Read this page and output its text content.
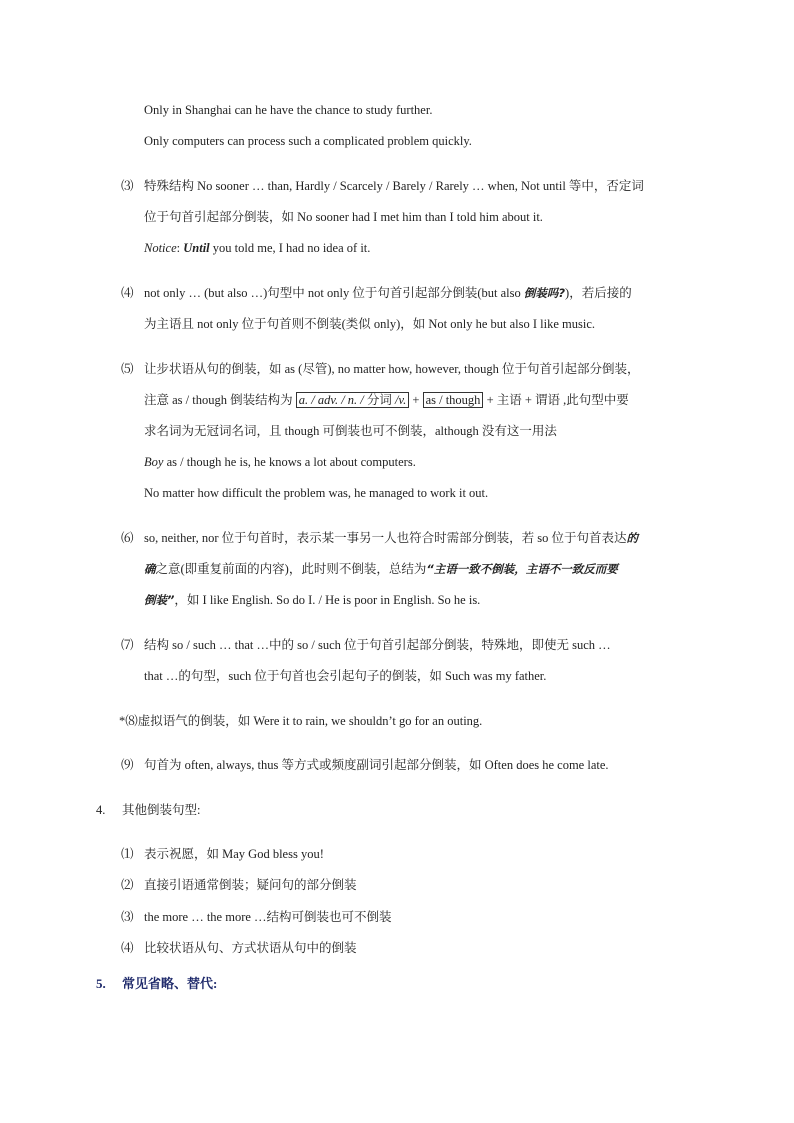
Only in Shanghai can he have the chance to study further.
Only computers can process such a complicated problem quickly.
⑶ 特殊结构 No sooner … than, Hardly / Scarcely / Barely / Rarely … when, Not until 等中，否定词
位于句首引起部分倒装，如 No sooner had I met him than I told him about it.
Notice: Until you told me, I had no idea of it.
⑷ not only … (but also …)句型中 not only 位于句首引起部分倒装(but also 倒装吗?)，若后接的
为主语且 not only 位于句首则不倒装(类似 only)，如 Not only he but also I like music.
⑸ 让步状语从句的倒装，如 as (尽管), no matter how, however, though 位于句首引起部分倒装，
注意 as / though 倒装结构为 a. / adv. / n. / 分词 /v. + as / though + 主语 + 谓语 ,此句型中要
求名词为无冠词名词，且 though 可倒装也可不倒装，although 没有这一用法
Boy as / though he is, he knows a lot about computers.
No matter how difficult the problem was, he managed to work it out.
⑹ so, neither, nor 位于句首时，表示某一事另一人也符合时需部分倒装，若 so 位于句首表达的
确之意(即重复前面的内容)，此时则不倒装，总结为“主语一致不倒装，主语不一致反而要
倒装”，如 I like English. So do I. / He is poor in English. So he is.
⑺ 结构 so / such … that …中的 so / such 位于句首引起部分倒装，特殊地，即使无 such …
that …的句型，such 位于句首也会引起句子的倒装，如 Such was my father.
*⑻虚拟语气的倒装，如 Were it to rain, we shouldn’t go for an outing.
⑼ 句首为 often, always, thus 等方式或频度副词引起部分倒装，如 Often does he come late.
4. 其他倒装句型:
⑴ 表示祝愿，如 May God bless you!
⑵ 直接引语通常倒装；疑问句的部分倒装
⑶ the more … the more …结构可倒装也可不倒装
⑷ 比较状语从句、方式状语从句中的倒装
5. 常见省略、替代:
